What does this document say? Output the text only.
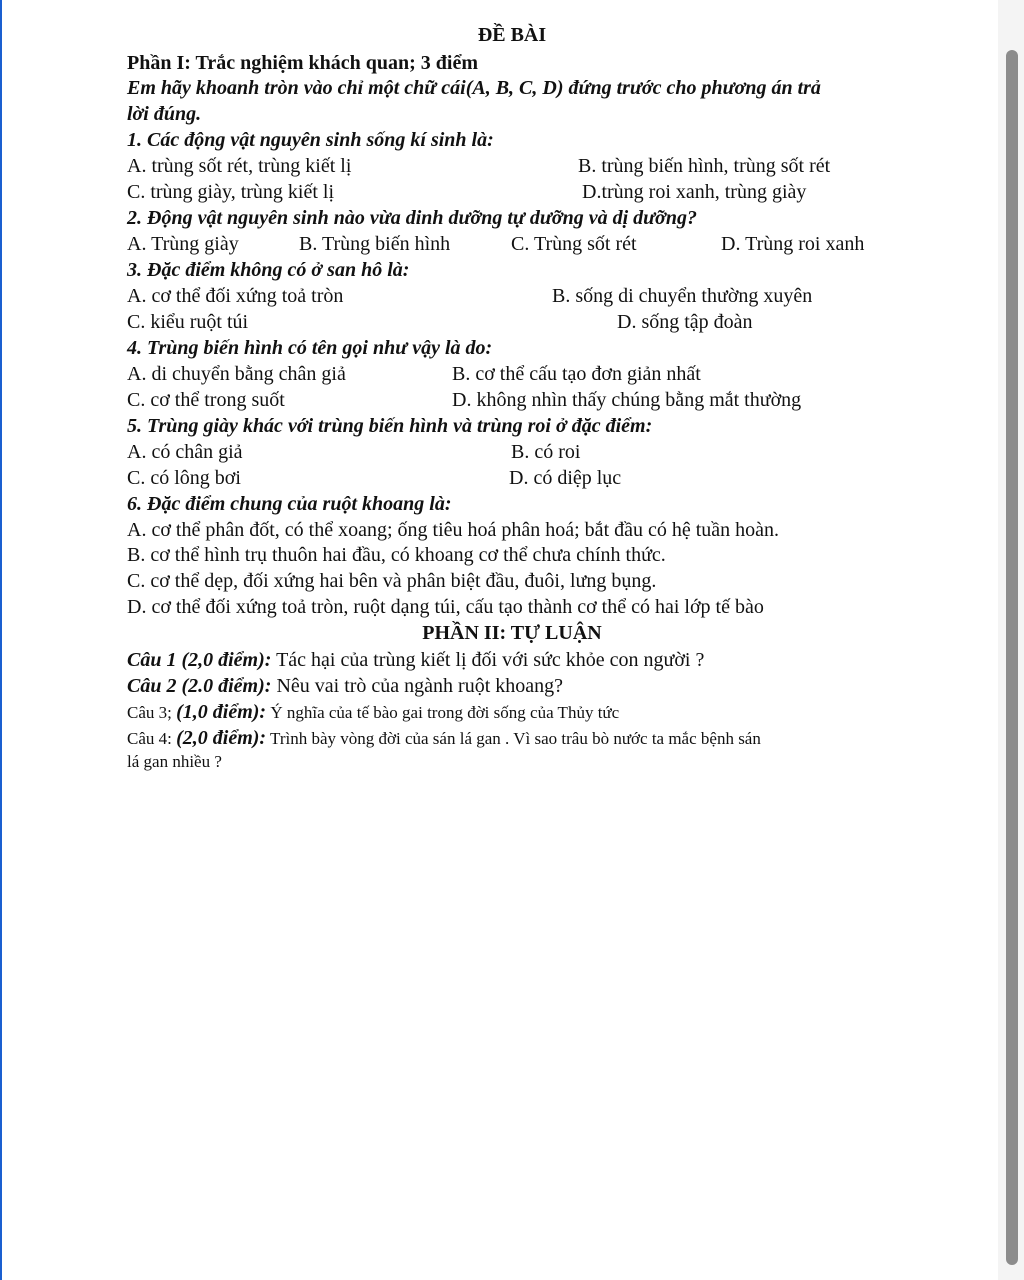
ĐỀ BÀI
Phần I: Trắc nghiệm khách quan; 3 điểm
Em hãy khoanh tròn vào chỉ một chữ cái(A, B, C, D) đứng trước cho phương án trả
lời đúng.
1. Các động vật nguyên sinh sống kí sinh là:
A. trùng sốt rét, trùng kiết lị	B. trùng biến hình, trùng sốt rét
C. trùng giày, trùng kiết lị	D.trùng roi xanh, trùng giày
2. Động vật nguyên sinh nào vừa dinh dưỡng tự dưỡng và dị dưỡng?
A. Trùng giày	B. Trùng biến hình	C. Trùng sốt rét	D. Trùng roi xanh
3. Đặc điểm không có ở san hô là:
A. cơ thể đối xứng toả tròn	B. sống di chuyển thường xuyên
C. kiểu ruột túi	D. sống tập đoàn
4. Trùng biến hình có tên gọi như vậy là do:
A. di chuyển bằng chân giả	B. cơ thể cấu tạo đơn giản nhất
C. cơ thể trong suốt	D. không nhìn thấy chúng bằng mắt thường
5. Trùng giày khác với trùng biến hình và trùng roi ở đặc điểm:
A. có chân giả	B. có roi
C. có lông bơi	D. có diệp lục
6. Đặc điểm chung của ruột khoang là:
A. cơ thể phân đốt, có thể xoang; ống tiêu hoá phân hoá; bắt đầu có hệ tuần hoàn.
B. cơ thể hình trụ thuôn hai đầu, có khoang cơ thể chưa chính thức.
C. cơ thể dẹp, đối xứng hai bên và phân biệt đầu, đuôi, lưng bụng.
D. cơ thể đối xứng toả tròn, ruột dạng túi, cấu tạo thành cơ thể có hai lớp tế bào
PHẦN II: TỰ LUẬN
Câu 1 (2,0 điểm): Tác hại của trùng kiết lị đối với sức khỏe con người ?
Câu 2 (2.0 điểm): Nêu vai trò của ngành ruột khoang?
Câu 3; (1,0 điểm): Ý nghĩa của tế bào gai trong đời sống của Thủy tức
Câu 4: (2,0 điểm): Trình bày vòng đời của sán lá gan . Vì sao trâu bò nước ta mắc bệnh sán
lá gan nhiều ?
